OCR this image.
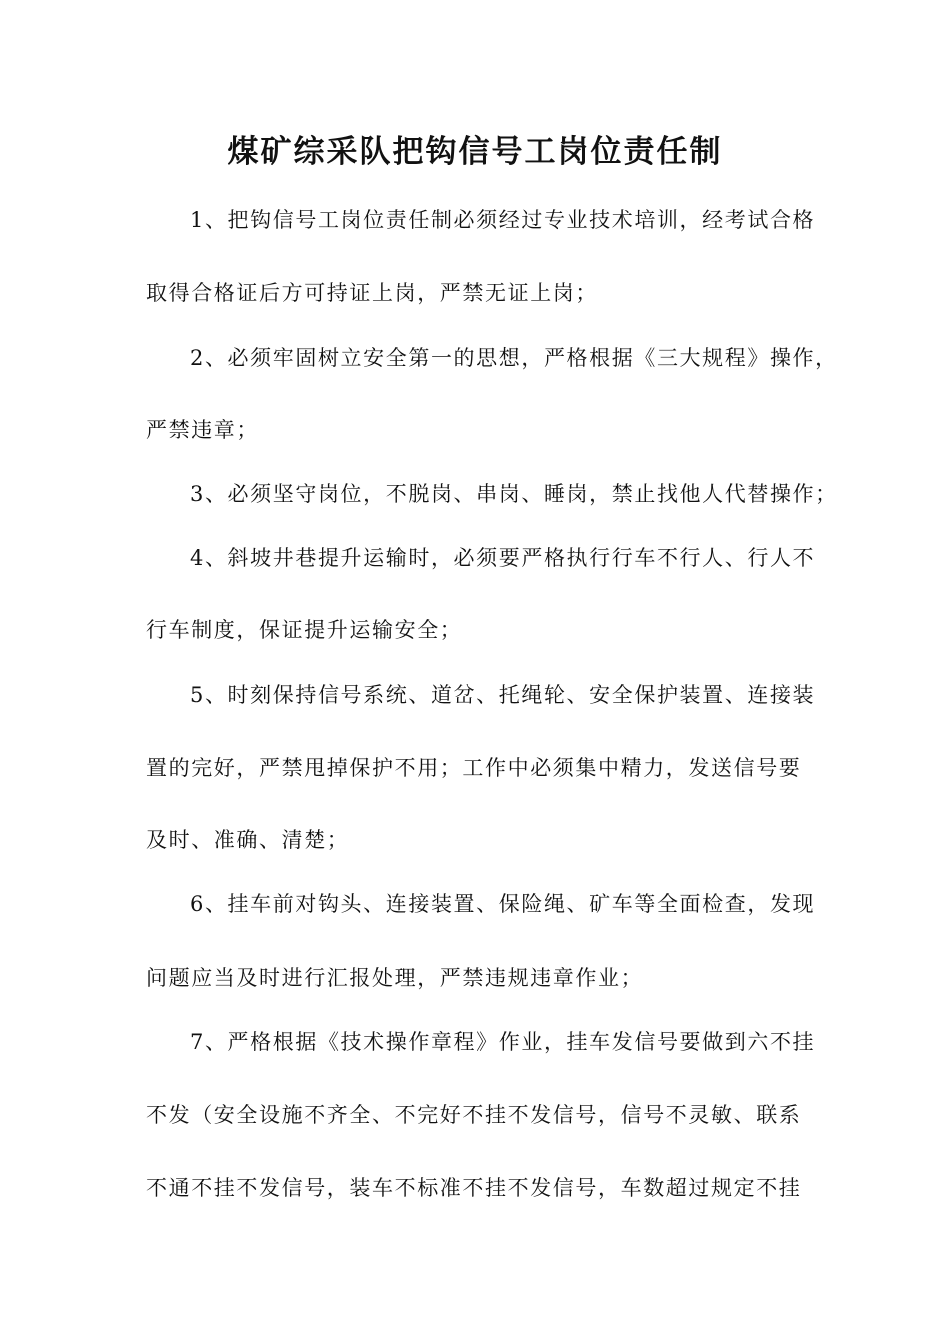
煤矿综采队把钩信号工岗位责任制

1、把钩信号工岗位责任制必须经过专业技术培训，经考试合格

取得合格证后方可持证上岗，严禁无证上岗；

2、必须牢固树立安全第一的思想，严格根据《三大规程》操作，

严禁违章；

3、必须坚守岗位，不脱岗、串岗、睡岗，禁止找他人代替操作；

4、斜坡井巷提升运输时，必须要严格执行行车不行人、行人不

行车制度，保证提升运输安全；

5、时刻保持信号系统、道岔、托绳轮、安全保护装置、连接装

置的完好，严禁甩掉保护不用；工作中必须集中精力，发送信号要

及时、准确、清楚；

6、挂车前对钩头、连接装置、保险绳、矿车等全面检查，发现

问题应当及时进行汇报处理，严禁违规违章作业；

7、严格根据《技术操作章程》作业，挂车发信号要做到六不挂

不发（安全设施不齐全、不完好不挂不发信号，信号不灵敏、联系

不通不挂不发信号，装车不标准不挂不发信号，车数超过规定不挂
